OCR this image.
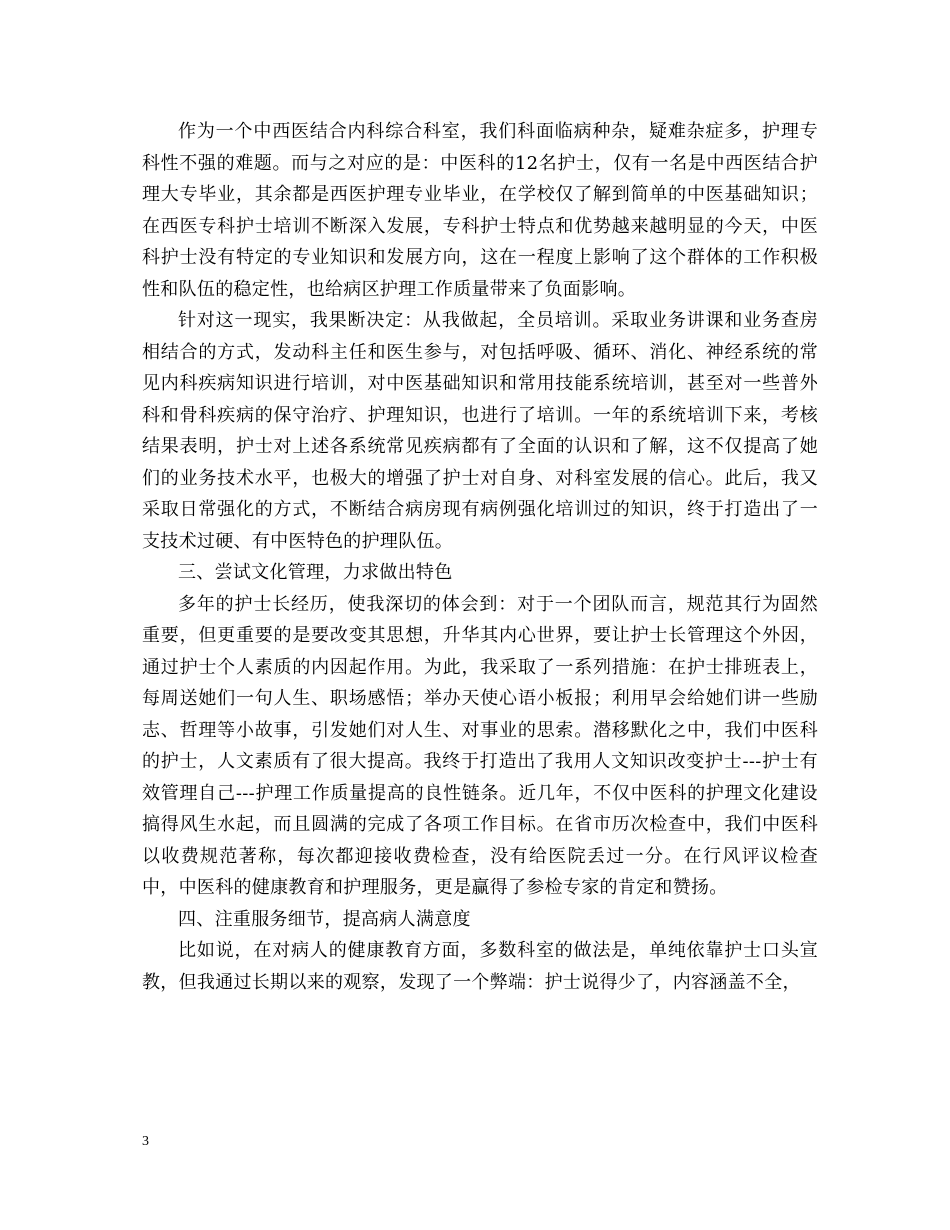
作为一个中西医结合内科综合科室，我们科面临病种杂，疑难杂症多，护理专科性不强的难题。而与之对应的是：中医科的12名护士，仅有一名是中西医结合护理大专毕业，其余都是西医护理专业毕业，在学校仅了解到简单的中医基础知识；在西医专科护士培训不断深入发展，专科护士特点和优势越来越明显的今天，中医科护士没有特定的专业知识和发展方向，这在一程度上影响了这个群体的工作积极性和队伍的稳定性，也给病区护理工作质量带来了负面影响。

针对这一现实，我果断决定：从我做起，全员培训。采取业务讲课和业务查房相结合的方式，发动科主任和医生参与，对包括呼吸、循环、消化、神经系统的常见内科疾病知识进行培训，对中医基础知识和常用技能系统培训，甚至对一些普外科和骨科疾病的保守治疗、护理知识，也进行了培训。一年的系统培训下来，考核结果表明，护士对上述各系统常见疾病都有了全面的认识和了解，这不仅提高了她们的业务技术水平，也极大的增强了护士对自身、对科室发展的信心。此后，我又采取日常强化的方式，不断结合病房现有病例强化培训过的知识，终于打造出了一支技术过硬、有中医特色的护理队伍。

三、尝试文化管理，力求做出特色

多年的护士长经历，使我深切的体会到：对于一个团队而言，规范其行为固然重要，但更重要的是要改变其思想，升华其内心世界，要让护士长管理这个外因，通过护士个人素质的内因起作用。为此，我采取了一系列措施：在护士排班表上，每周送她们一句人生、职场感悟；举办天使心语小板报；利用早会给她们讲一些励志、哲理等小故事，引发她们对人生、对事业的思索。潜移默化之中，我们中医科的护士，人文素质有了很大提高。我终于打造出了我用人文知识改变护士---护士有效管理自己---护理工作质量提高的良性链条。近几年，不仅中医科的护理文化建设搞得风生水起，而且圆满的完成了各项工作目标。在省市历次检查中，我们中医科以收费规范著称，每次都迎接收费检查，没有给医院丢过一分。在行风评议检查中，中医科的健康教育和护理服务，更是赢得了参检专家的肯定和赞扬。

四、注重服务细节，提高病人满意度

比如说，在对病人的健康教育方面，多数科室的做法是，单纯依靠护士口头宣教，但我通过长期以来的观察，发现了一个弊端：护士说得少了，内容涵盖不全，

3
